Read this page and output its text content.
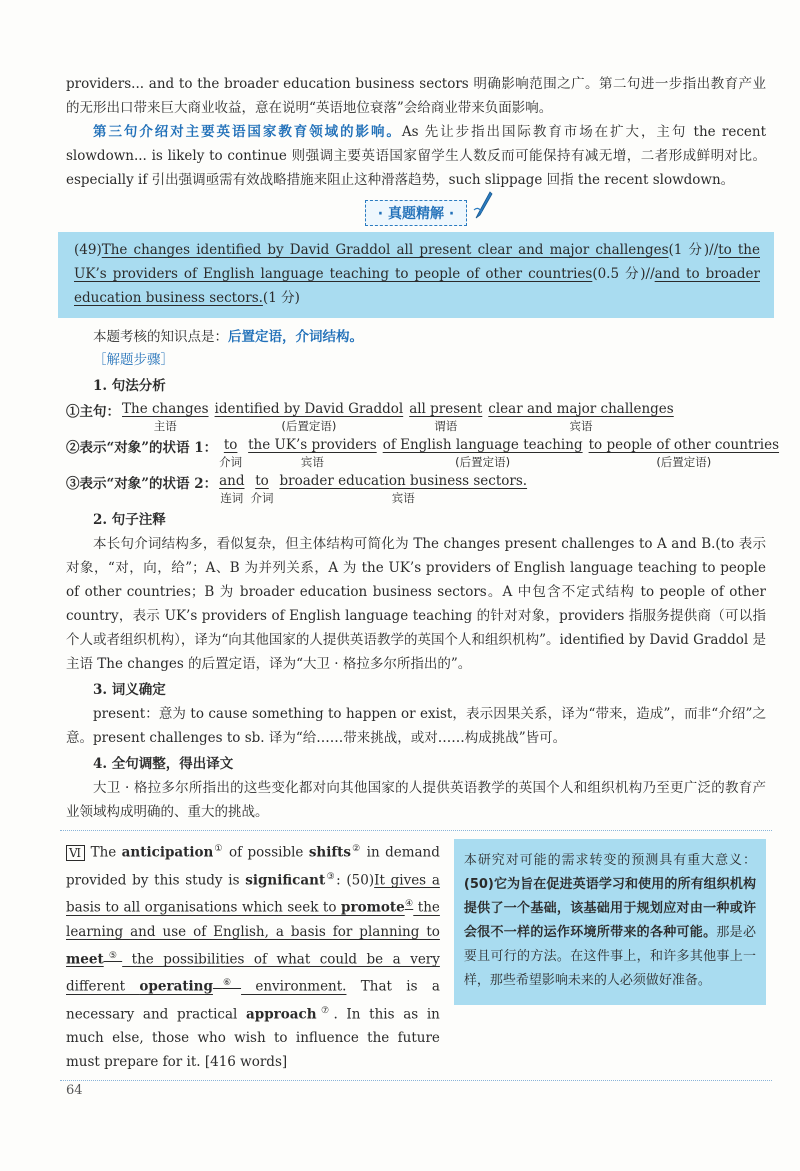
providers... and to the broader education business sectors 明确影响范围之广。第二句进一步指出教育产业的无形出口带来巨大商业收益，意在说明“英语地位衰落”会给商业带来负面影响。

第三句介绍对主要英语国家教育领域的影响。As 先让步指出国际教育市场在扩大，主句 the recent slowdown... is likely to continue 则强调主要英语国家留学生人数反而可能保持有减无增，二者形成鲜明对比。especially if 引出强调亟需有效战略措施来阻止这种滑落趋势，such slippage 回指 the recent slowdown。

· 真题精解 ·
(49)The changes identified by David Graddol all present clear and major challenges(1 分)//to the UK’s providers of English language teaching to people of other countries(0.5 分)//and to broader education business sectors.(1 分)

本题考核的知识点是：后置定语，介词结构。

［解题步骤］

1. 句法分析

①主句： The changes
主语
identified by David Graddol
(后置定语)
all present
谓语
clear and major challenges
宾语
②表示“对象”的状语 1： to
介词
the UK’s providers
宾语
of English language teaching
(后置定语)
to people of other countries
(后置定语)
③表示“对象”的状语 2： and
连词
to
介词
broader education business sectors.
宾语

2. 句子注释

本长句介词结构多，看似复杂，但主体结构可简化为 The changes present challenges to A and B.(to 表示对象，“对，向，给”；A、B 为并列关系，A 为 the UK’s providers of English language teaching to people of other countries；B 为 broader education business sectors。A 中包含不定式结构 to people of other country，表示 UK’s providers of English language teaching 的针对对象，providers 指服务提供商（可以指个人或者组织机构），译为“向其他国家的人提供英语教学的英国个人和组织机构”。identified by David Graddol 是主语 The changes 的后置定语，译为“大卫 · 格拉多尔所指出的”。

3. 词义确定

present：意为 to cause something to happen or exist，表示因果关系，译为“带来，造成”，而非“介绍”之意。present challenges to sb. 译为“给……带来挑战，或对……构成挑战”皆可。

4. 全句调整，得出译文

大卫 · 格拉多尔所指出的这些变化都对向其他国家的人提供英语教学的英国个人和组织机构乃至更广泛的教育产业领域构成明确的、重大的挑战。

Ⅵ The anticipation① of possible shifts② in demand provided by this study is significant③: (50)It gives a basis to all organisations which seek to promote④ the learning and use of English, a basis for planning to meet⑤ the possibilities of what could be a very different operating⑥ environment. That is a necessary and practical approach⑦. In this as in much else, those who wish to influence the future must prepare for it. [416 words]
本研究对可能的需求转变的预测具有重大意义：(50)它为旨在促进英语学习和使用的所有组织机构提供了一个基础，该基础用于规划应对由一种或许会很不一样的运作环境所带来的各种可能。那是必要且可行的方法。在这件事上，和许多其他事上一样，那些希望影响未来的人必须做好准备。
64
